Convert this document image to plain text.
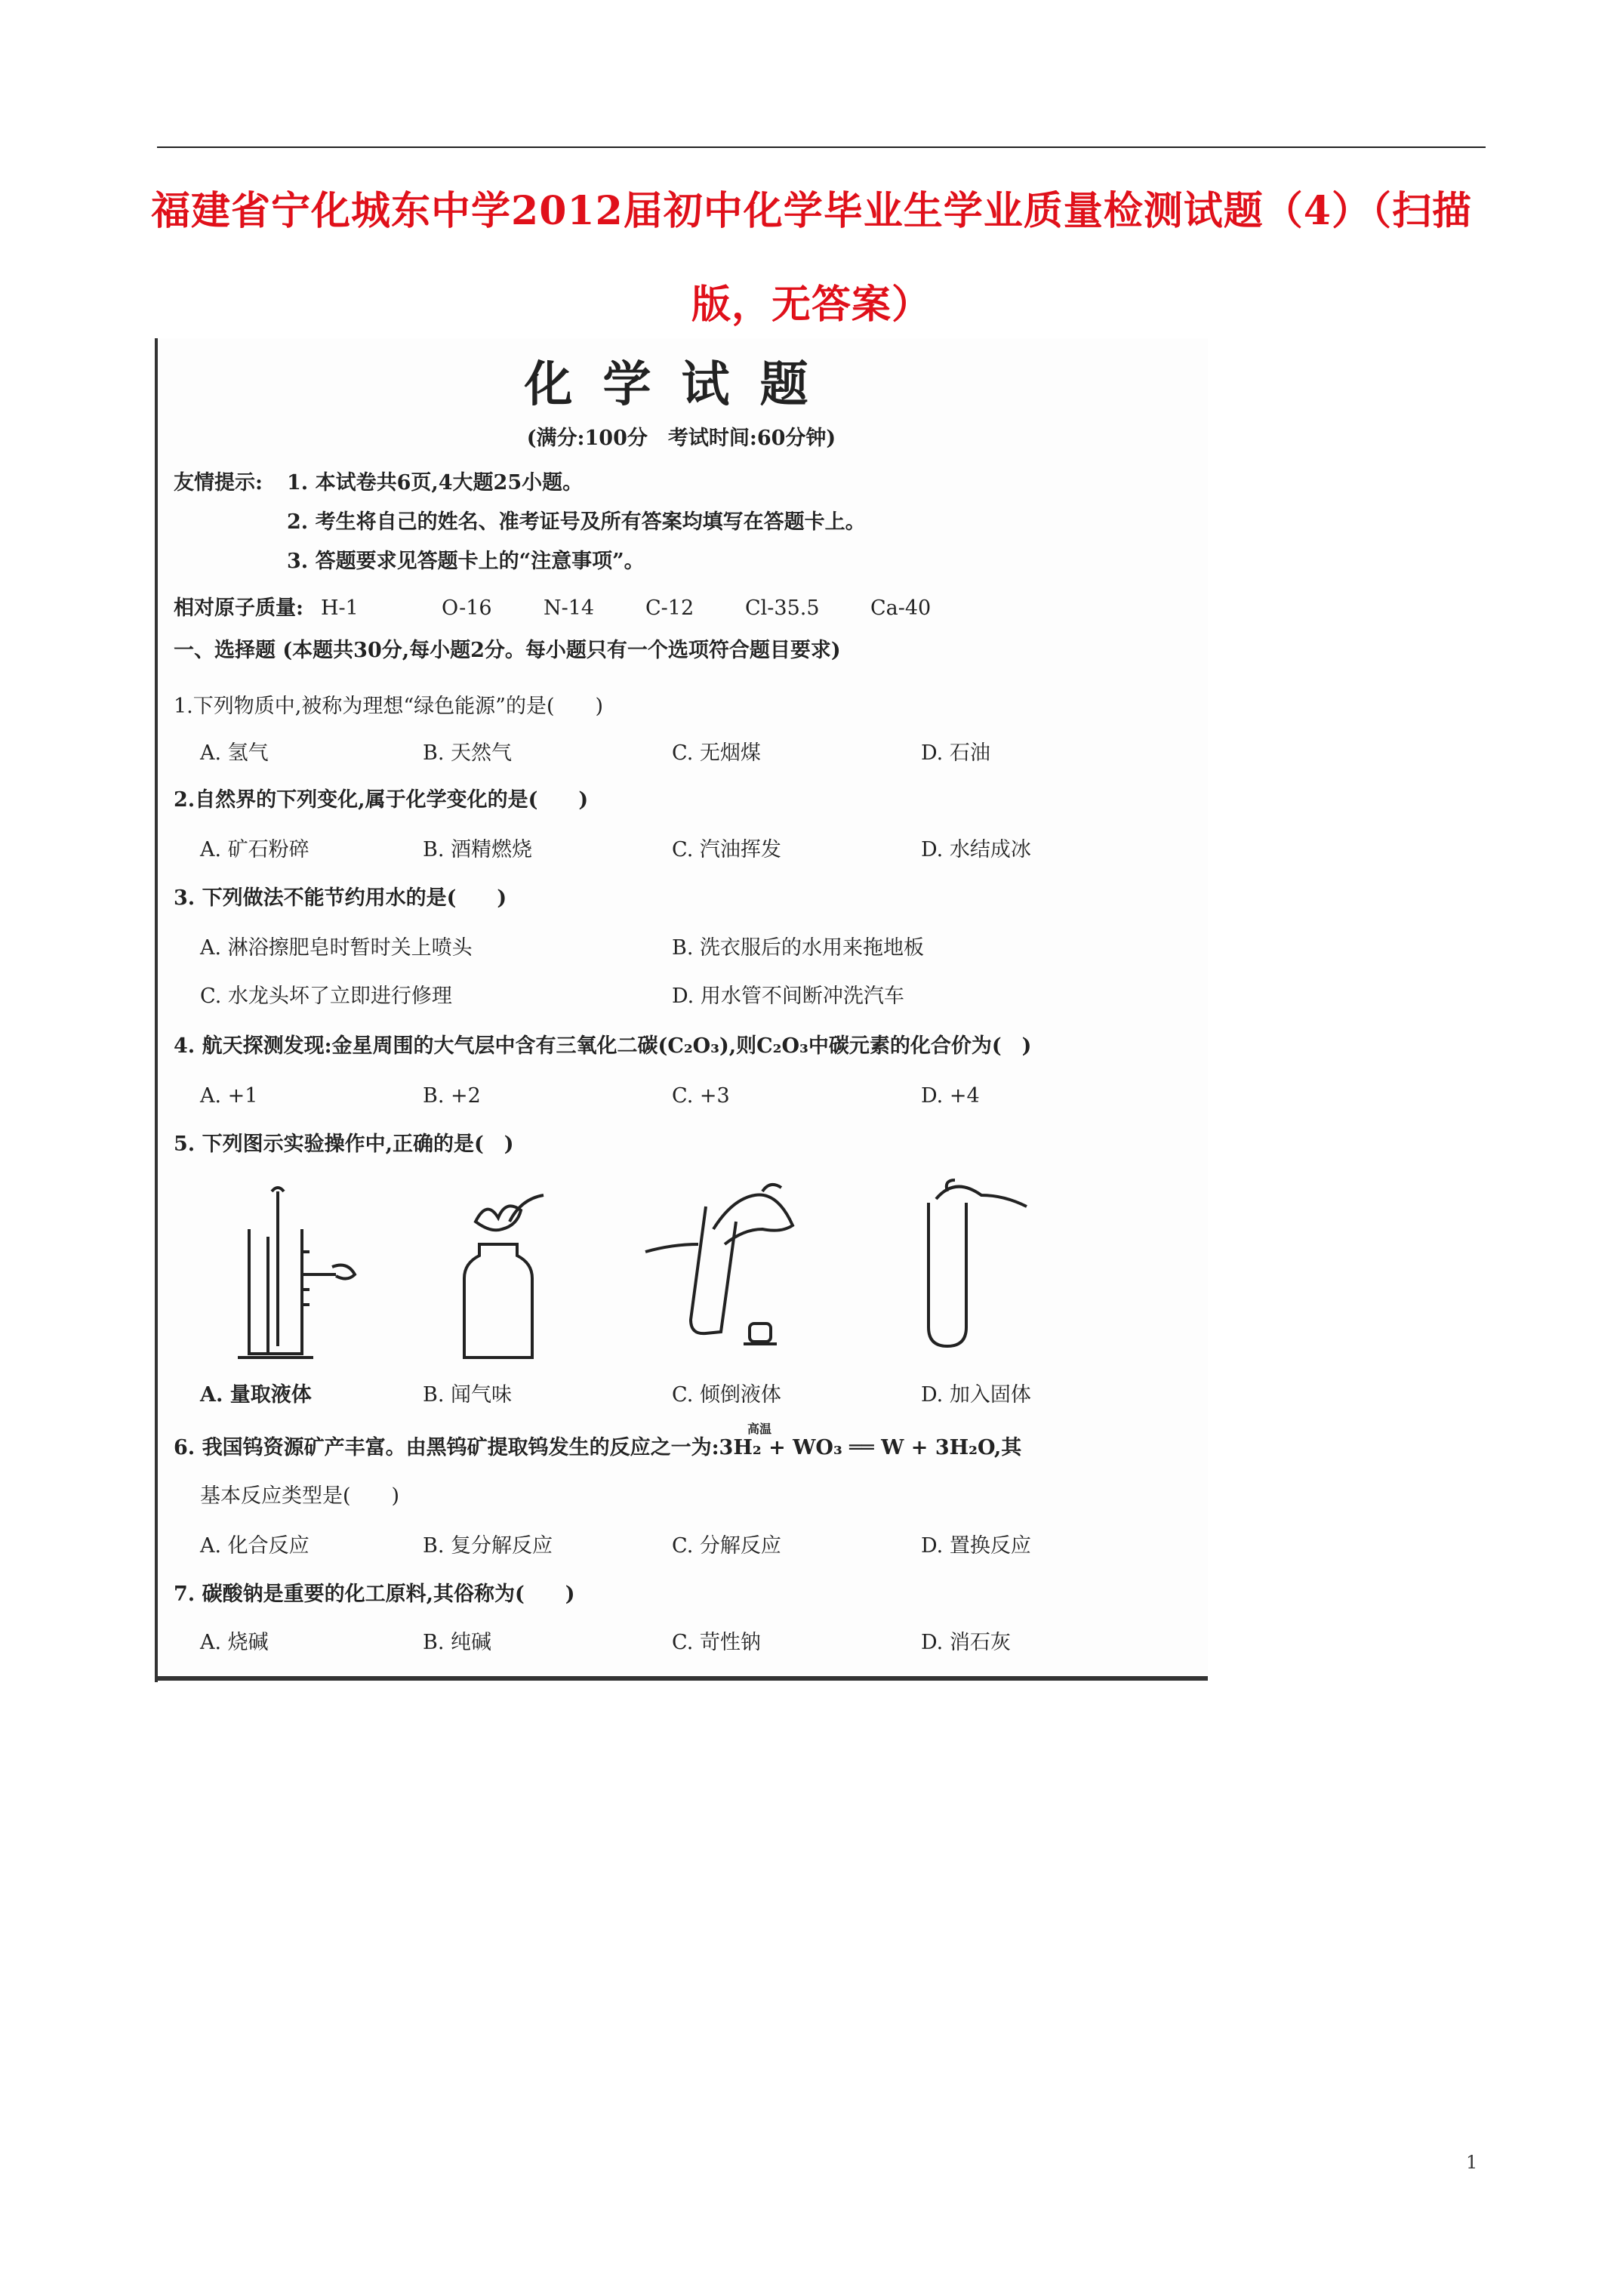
福建省宁化城东中学2012届初中化学毕业生学业质量检测试题（4）（扫描版，无答案）
化学试题
(满分:100分　考试时间:60分钟)
友情提示: 1. 本试卷共6页,4大题25小题。
2. 考生将自己的姓名、准考证号及所有答案均填写在答题卡上。
3. 答题要求见答题卡上的“注意事项”。
相对原子质量: H-1	O-16	N-14	C-12	Cl-35.5 Ca-40
一、选择题 (本题共30分,每小题2分。每小题只有一个选项符合题目要求)
1.下列物质中,被称为理想“绿色能源”的是(　　)
A. 氢气	B. 天然气	C. 无烟煤	D. 石油
2.自然界的下列变化,属于化学变化的是(　　)
A. 矿石粉碎	B. 酒精燃烧	C. 汽油挥发	D. 水结成冰
3. 下列做法不能节约用水的是(　　)
A. 淋浴擦肥皂时暂时关上喷头	B. 洗衣服后的水用来拖地板
C. 水龙头坏了立即进行修理	D. 用水管不间断冲洗汽车
4. 航天探测发现:金星周围的大气层中含有三氧化二碳(C₂O₃),则C₂O₃中碳元素的化合价为(　)
A. +1	B. +2	C. +3	D. +4
5. 下列图示实验操作中,正确的是(　)
A. 量取液体	B. 闻气味	C. 倾倒液体	D. 加入固体
高温
6. 我国钨资源矿产丰富。由黑钨矿提取钨发生的反应之一为:3H₂ + WO₃ ══ W + 3H₂O,其
基本反应类型是(　　)
A. 化合反应	B. 复分解反应	C. 分解反应	D. 置换反应
7. 碳酸钠是重要的化工原料,其俗称为(　　)
A. 烧碱	B. 纯碱	C. 苛性钠	D. 消石灰
1
